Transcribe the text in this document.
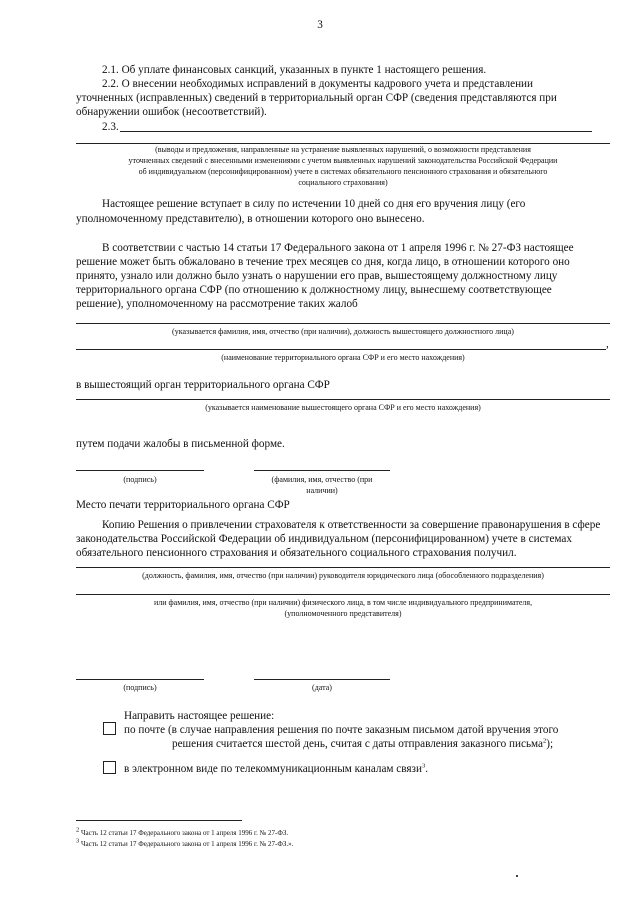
3
2.1. Об уплате финансовых санкций, указанных в пункте 1 настоящего решения.
2.2. О внесении необходимых исправлений в документы кадрового учета и представлении
уточненных (исправленных) сведений в территориальный орган СФР (сведения представляются при
обнаружении ошибок (несоответствий).
2.3.
(выводы и предложения, направленные на устранение выявленных нарушений, о возможности представления
уточненных сведений с внесенными изменениями с учетом выявленных нарушений законодательства Российской Федерации
об индивидуальном (персонифицированном) учете в системах обязательного пенсионного страхования и обязательного
социального страхования)
Настоящее решение вступает в силу по истечении 10 дней со дня его вручения лицу (его
уполномоченному представителю), в отношении которого оно вынесено.
В соответствии с частью 14 статьи 17 Федерального закона от 1 апреля 1996 г. № 27-ФЗ настоящее
решение может быть обжаловано в течение трех месяцев со дня, когда лицо, в отношении которого оно
принято, узнало или должно было узнать о нарушении его прав, вышестоящему должностному лицу
территориального органа СФР (по отношению к должностному лицу, вынесшему соответствующее
решение), уполномоченному на рассмотрение таких жалоб
(указывается фамилия, имя, отчество (при наличии), должность вышестоящего должностного лица)
,
(наименование территориального органа СФР и его место нахождения)
в вышестоящий орган территориального органа СФР
(указывается наименование вышестоящего органа СФР и его место нахождения)
путем подачи жалобы в письменной форме.
(подпись)	(фамилия, имя, отчество (при
наличии)
Место печати территориального органа СФР
Копию Решения о привлечении страхователя к ответственности за совершение правонарушения в сфере
законодательства Российской Федерации об индивидуальном (персонифицированном) учете в системах
обязательного пенсионного страхования и обязательного социального страхования получил.
(должность, фамилия, имя, отчество (при наличии) руководителя юридического лица (обособленного подразделения)
или фамилия, имя, отчество (при наличии) физического лица, в том числе индивидуального предпринимателя,
(уполномоченного представителя)
(подпись)	(дата)
Направить настоящее решение:
по почте (в случае направления решения по почте заказным письмом датой вручения этого
решения считается шестой день, считая с даты отправления заказного письма$^2$);
в электронном виде по телекоммуникационным каналам связи$^3$.
$^2$ Часть 12 статьи 17 Федерального закона от 1 апреля 1996 г. № 27-ФЗ.
$^3$ Часть 12 статьи 17 Федерального закона от 1 апреля 1996 г. № 27-ФЗ.».
